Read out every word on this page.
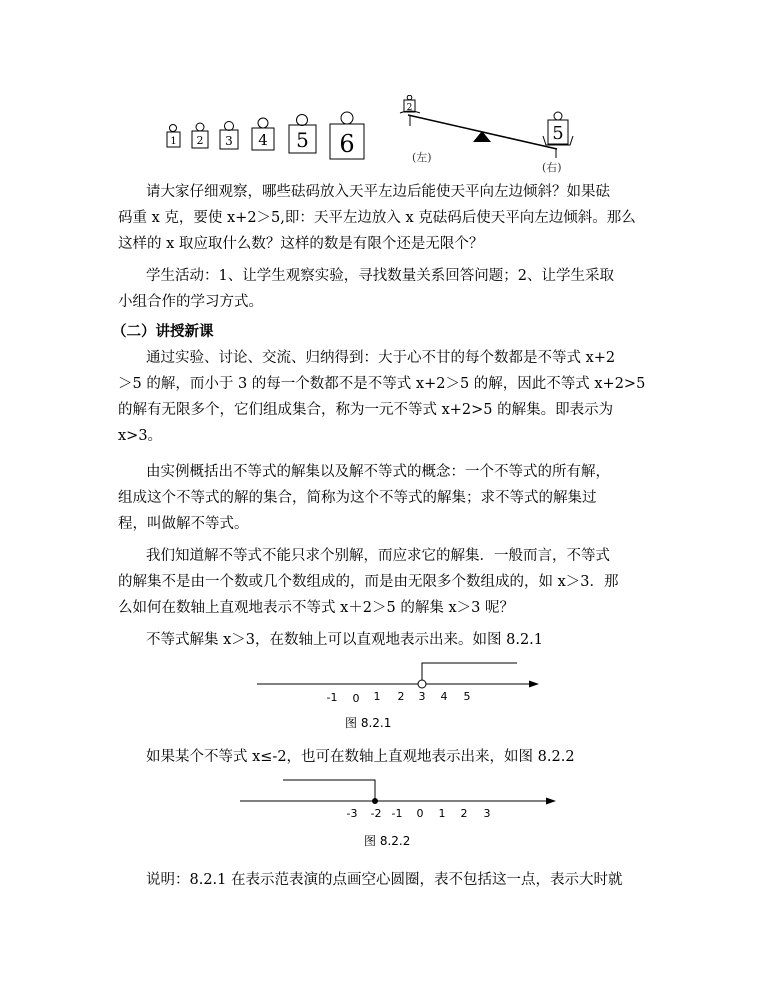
1 2 3 4 5 6
2
5
(左)
(右)
请大家仔细观察，哪些砝码放入天平左边后能使天平向左边倾斜？如果砝
码重 x 克，要使 x+2＞5,即：天平左边放入 x 克砝码后使天平向左边倾斜。那么
这样的 x 取应取什么数？这样的数是有限个还是无限个？
学生活动：1、让学生观察实验，寻找数量关系回答问题；2、让学生采取
小组合作的学习方式。
（二）讲授新课
通过实验、讨论、交流、归纳得到：大于心不甘的每个数都是不等式 x+2
＞5 的解，而小于 3 的每一个数都不是不等式 x+2＞5 的解，因此不等式 x+2>5
的解有无限多个，它们组成集合，称为一元不等式 x+2>5 的解集。即表示为
x>3。
由实例概括出不等式的解集以及解不等式的概念：一个不等式的所有解，
组成这个不等式的解的集合，简称为这个不等式的解集；求不等式的解集过
程，叫做解不等式。
我们知道解不等式不能只求个别解，而应求它的解集．一般而言，不等式
的解集不是由一个数或几个数组成的，而是由无限多个数组成的，如 x＞3．那
么如何在数轴上直观地表示不等式 x＋2＞5 的解集 x＞3 呢？
不等式解集 x＞3，在数轴上可以直观地表示出来。如图 8.2.1
-1 0 1 2 3 4 5
图 8.2.1
如果某个不等式 x≤-2，也可在数轴上直观地表示出来，如图 8.2.2
-3 -2 -1 0 1 2 3
图 8.2.2
说明：8.2.1 在表示范表演的点画空心圆圈，表不包括这一点，表示大时就
